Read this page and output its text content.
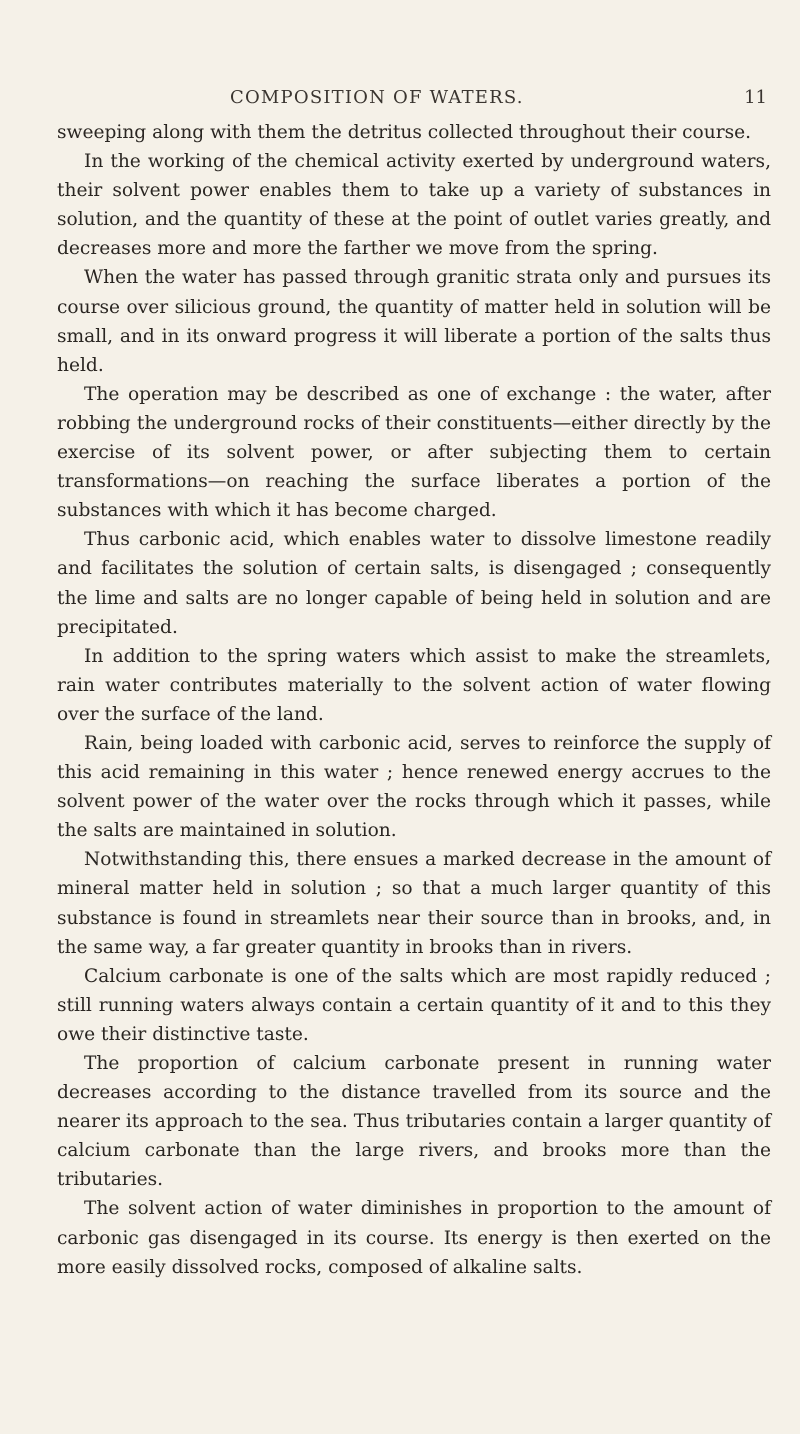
COMPOSITION OF WATERS.	11

sweeping along with them the detritus collected throughout their course.

In the working of the chemical activity exerted by underground waters, their solvent power enables them to take up a variety of substances in solution, and the quantity of these at the point of outlet varies greatly, and decreases more and more the farther we move from the spring.

When the water has passed through granitic strata only and pursues its course over silicious ground, the quantity of matter held in solution will be small, and in its onward progress it will liberate a portion of the salts thus held.

The operation may be described as one of exchange : the water, after robbing the underground rocks of their constituents—either directly by the exercise of its solvent power, or after subjecting them to certain transformations—on reaching the surface liberates a portion of the substances with which it has become charged.

Thus carbonic acid, which enables water to dissolve limestone readily and facilitates the solution of certain salts, is disengaged ; consequently the lime and salts are no longer capable of being held in solution and are precipitated.

In addition to the spring waters which assist to make the streamlets, rain water contributes materially to the solvent action of water flowing over the surface of the land.

Rain, being loaded with carbonic acid, serves to reinforce the supply of this acid remaining in this water ; hence renewed energy accrues to the solvent power of the water over the rocks through which it passes, while the salts are maintained in solution.

Notwithstanding this, there ensues a marked decrease in the amount of mineral matter held in solution ; so that a much larger quantity of this substance is found in streamlets near their source than in brooks, and, in the same way, a far greater quantity in brooks than in rivers.

Calcium carbonate is one of the salts which are most rapidly reduced ; still running waters always contain a certain quantity of it and to this they owe their distinctive taste.

The proportion of calcium carbonate present in running water decreases according to the distance travelled from its source and the nearer its approach to the sea. Thus tributaries contain a larger quantity of calcium carbonate than the large rivers, and brooks more than the tributaries.

The solvent action of water diminishes in proportion to the amount of carbonic gas disengaged in its course. Its energy is then exerted on the more easily dissolved rocks, composed of alkaline salts.
